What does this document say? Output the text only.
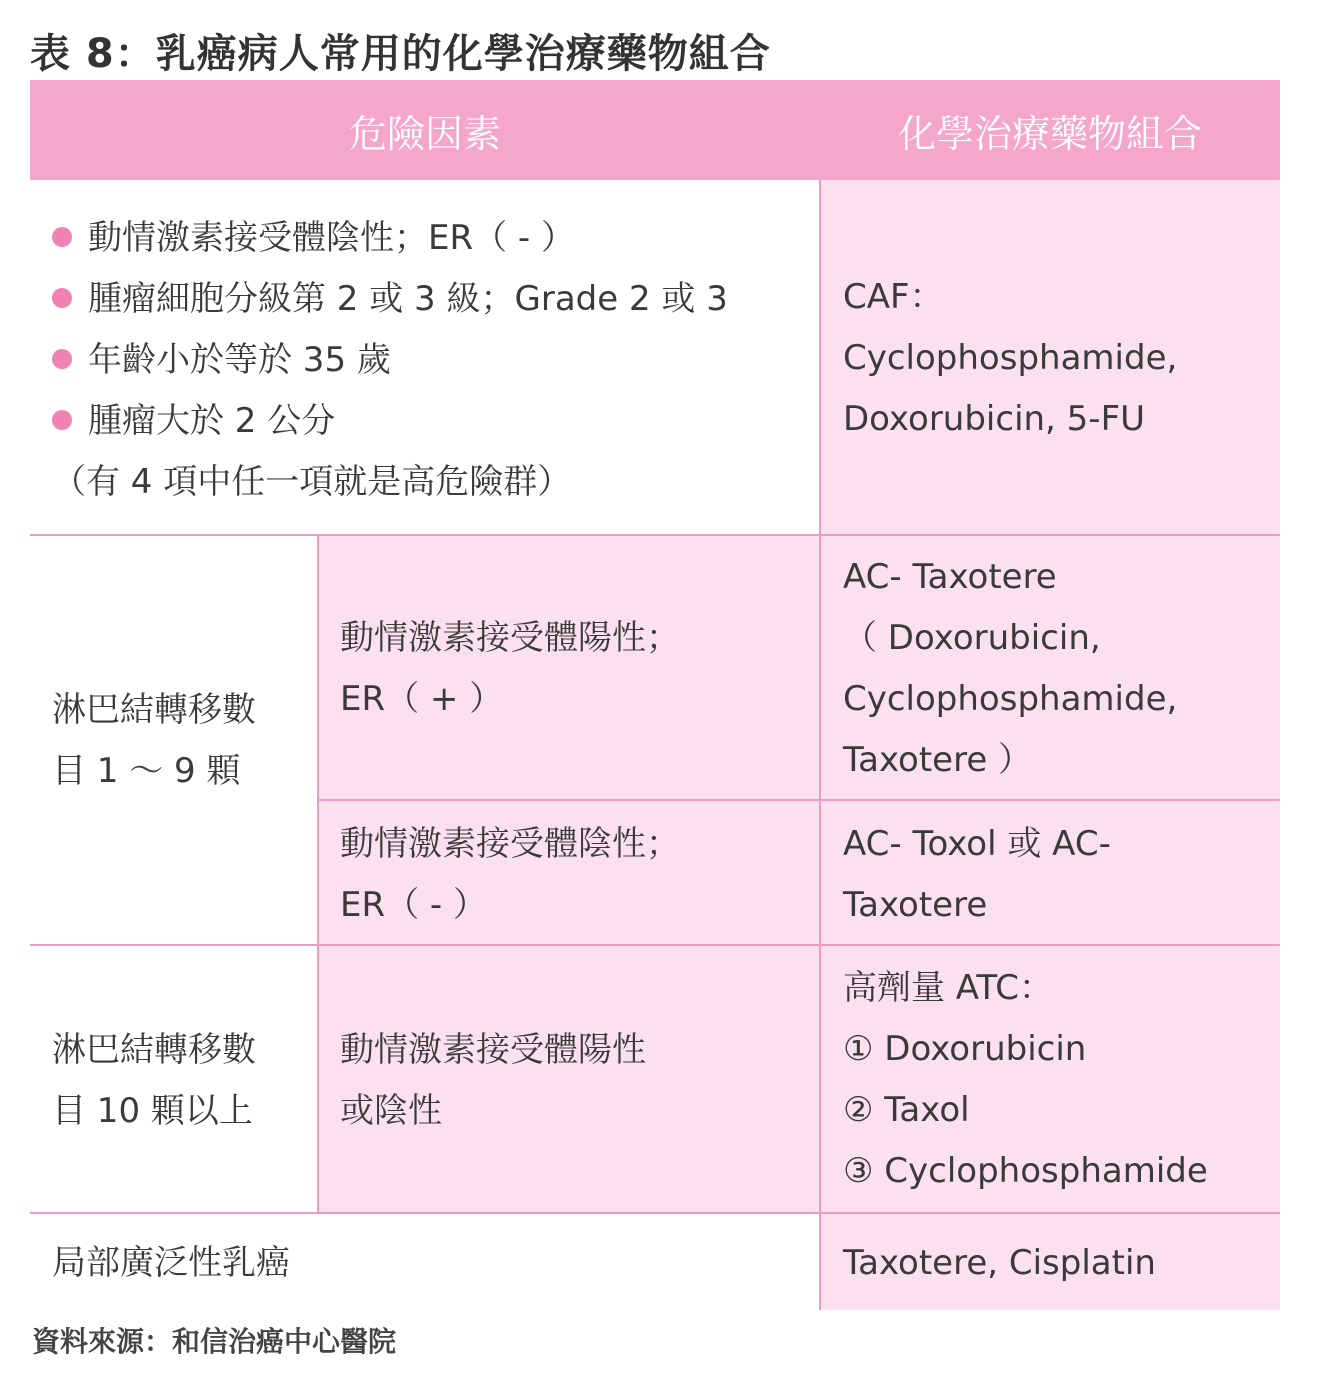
表 8：乳癌病人常用的化學治療藥物組合
危險因素	化學治療藥物組合
動情激素接受體陰性；ER（ - ）
腫瘤細胞分級第 2 或 3 級；Grade 2 或 3
年齡小於等於 35 歲
腫瘤大於 2 公分
（有 4 項中任一項就是高危險群）
CAF：
Cyclophosphamide,
Doxorubicin, 5-FU
淋巴結轉移數
目 1 ～ 9 顆
動情激素接受體陽性；
ER（ + ）
AC- Taxotere
（ Doxorubicin,
Cyclophosphamide,
Taxotere ）
動情激素接受體陰性；
ER（ - ）
AC- Toxol 或 AC-
Taxotere
淋巴結轉移數
目 10 顆以上
動情激素接受體陽性
或陰性
高劑量 ATC：
① Doxorubicin
② Taxol
③ Cyclophosphamide
局部廣泛性乳癌	Taxotere, Cisplatin
資料來源：和信治癌中心醫院
